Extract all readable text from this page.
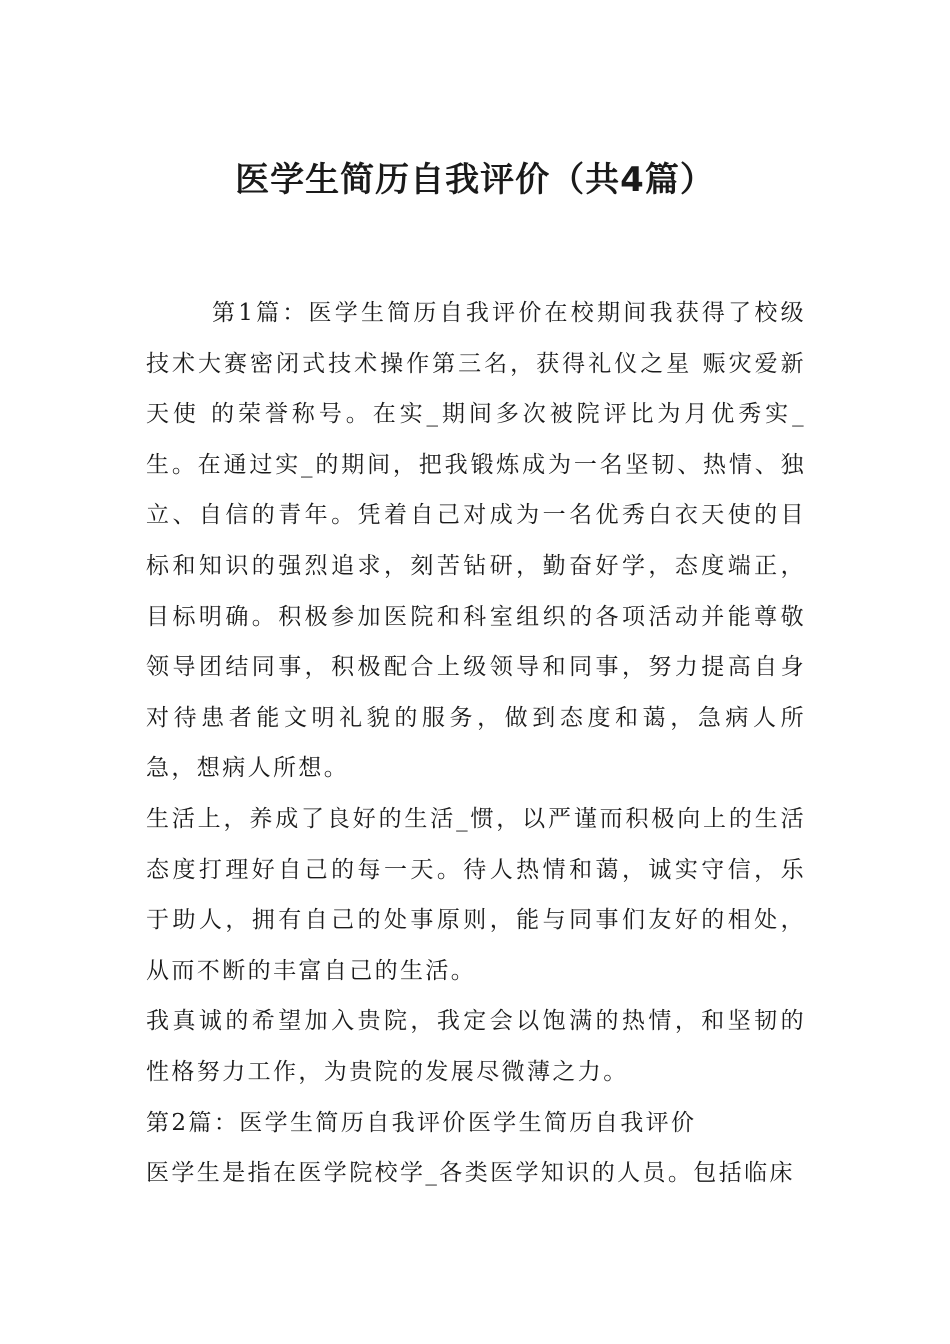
医学生简历自我评价（共4篇）

第1篇：医学生简历自我评价在校期间我获得了校级技术大赛密闭式技术操作第三名，获得礼仪之星 赈灾爱新天使 的荣誉称号。在实_期间多次被院评比为月优秀实_生。在通过实_的期间，把我锻炼成为一名坚韧、热情、独立、自信的青年。凭着自己对成为一名优秀白衣天使的目标和知识的强烈追求，刻苦钻研，勤奋好学，态度端正，目标明确。积极参加医院和科室组织的各项活动并能尊敬领导团结同事，积极配合上级领导和同事，努力提高自身对待患者能文明礼貌的服务，做到态度和蔼，急病人所急，想病人所想。

生活上，养成了良好的生活_惯，以严谨而积极向上的生活态度打理好自己的每一天。待人热情和蔼，诚实守信，乐于助人，拥有自己的处事原则，能与同事们友好的相处，从而不断的丰富自己的生活。

我真诚的希望加入贵院，我定会以饱满的热情，和坚韧的性格努力工作，为贵院的发展尽微薄之力。

第2篇：医学生简历自我评价医学生简历自我评价

医学生是指在医学院校学_各类医学知识的人员。包括临床
